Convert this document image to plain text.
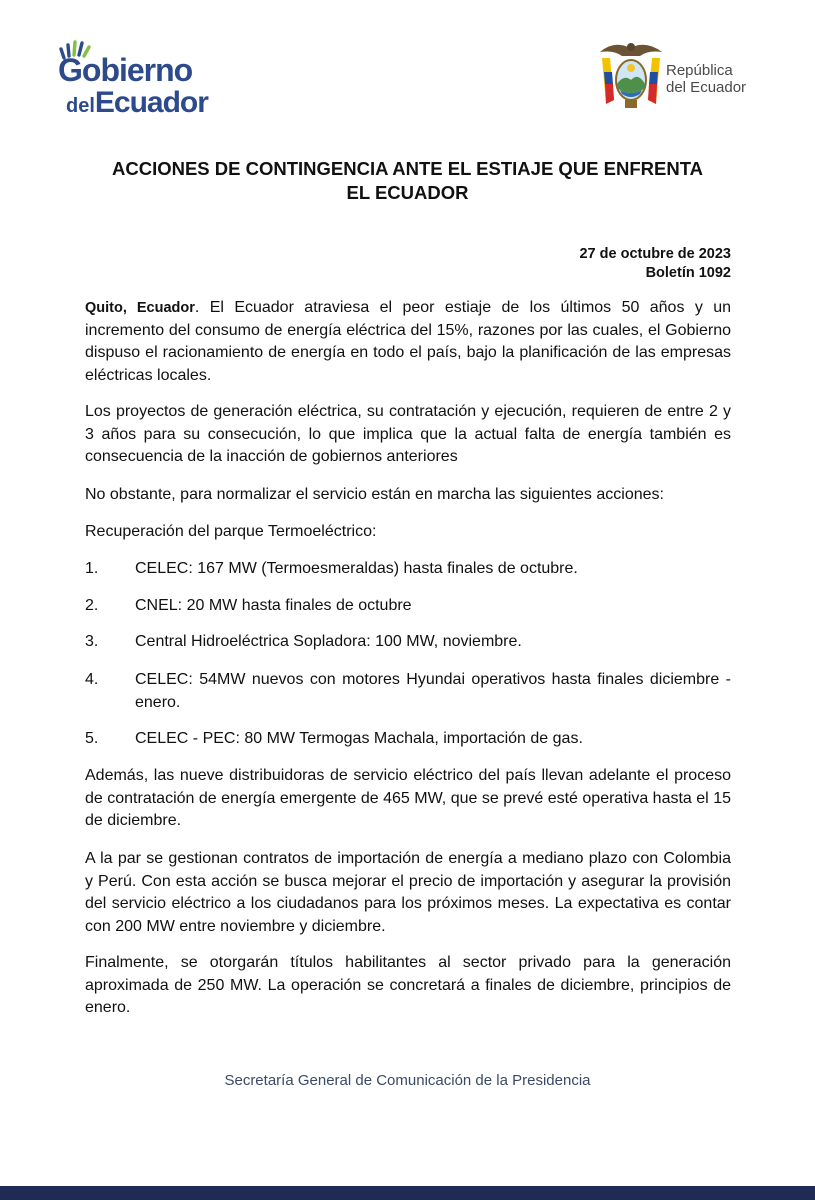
Gobierno
delEcuador
República
del Ecuador
ACCIONES DE CONTINGENCIA ANTE EL ESTIAJE QUE ENFRENTA
EL ECUADOR
27 de octubre de 2023
Boletín 1092
Quito, Ecuador. El Ecuador atraviesa el peor estiaje de los últimos 50 años y un incremento del consumo de energía eléctrica del 15%, razones por las cuales, el Gobierno dispuso el racionamiento de energía en todo el país, bajo la planificación de las empresas eléctricas locales.
Los proyectos de generación eléctrica, su contratación y ejecución, requieren de entre 2 y 3 años para su consecución, lo que implica que la actual falta de energía también es consecuencia de la inacción de gobiernos anteriores
No obstante, para normalizar el servicio están en marcha las siguientes acciones:
Recuperación del parque Termoeléctrico:
1. CELEC: 167 MW (Termoesmeraldas) hasta finales de octubre.
2. CNEL: 20 MW hasta finales de octubre
3. Central Hidroeléctrica Sopladora: 100 MW, noviembre.
4. CELEC: 54MW nuevos con motores Hyundai operativos hasta finales diciembre - enero.
5. CELEC - PEC: 80 MW Termogas Machala, importación de gas.
Además, las nueve distribuidoras de servicio eléctrico del país llevan adelante el proceso de contratación de energía emergente de 465 MW, que se prevé esté operativa hasta el 15 de diciembre.
A la par se gestionan contratos de importación de energía a mediano plazo con Colombia y Perú. Con esta acción se busca mejorar el precio de importación y asegurar la provisión del servicio eléctrico a los ciudadanos para los próximos meses. La expectativa es contar con 200 MW entre noviembre y diciembre.
Finalmente, se otorgarán títulos habilitantes al sector privado para la generación aproximada de 250 MW. La operación se concretará a finales de diciembre, principios de enero.
Secretaría General de Comunicación de la Presidencia
